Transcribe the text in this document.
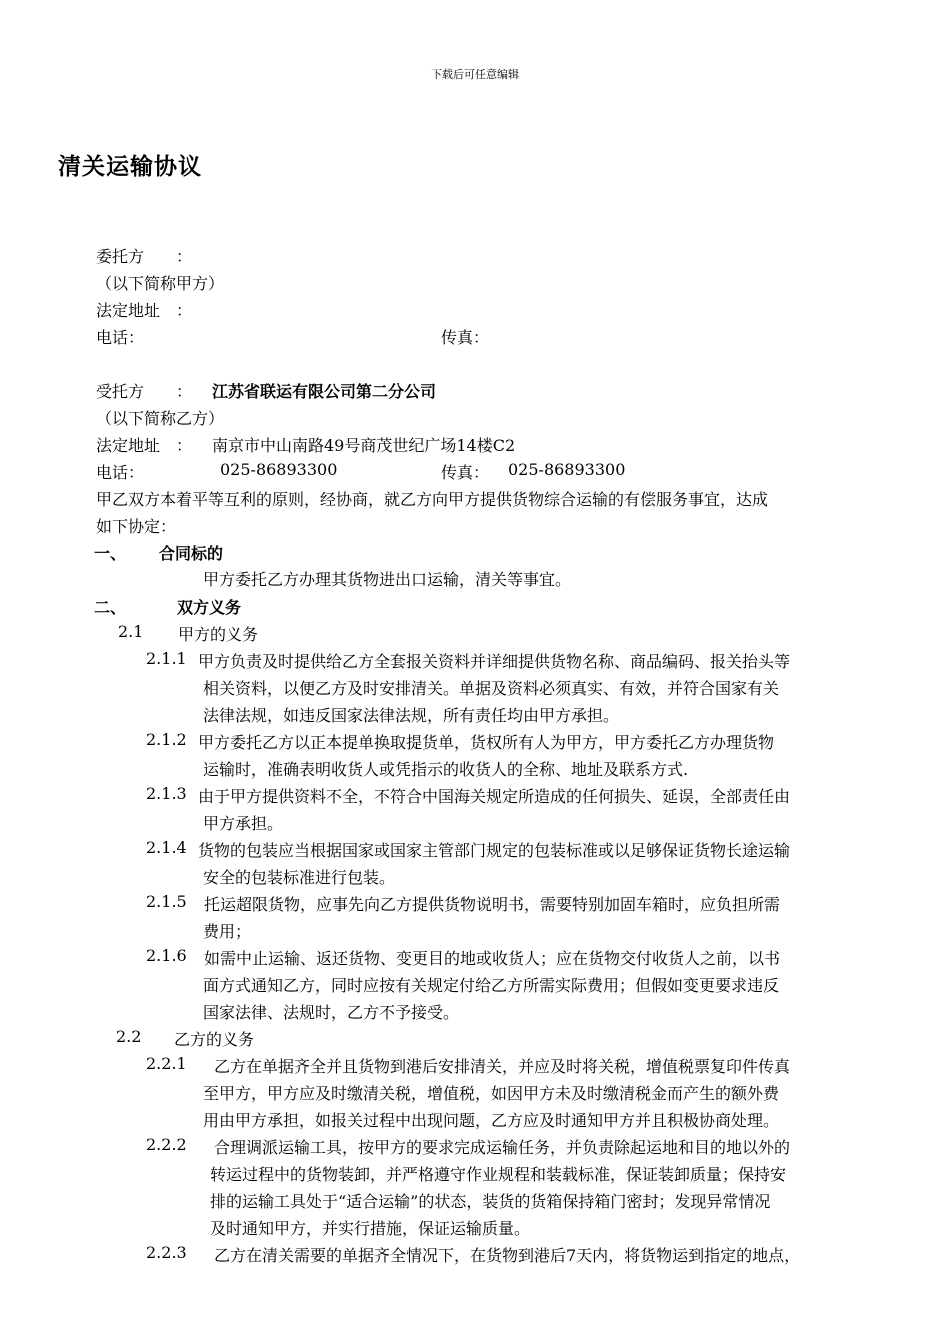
下载后可任意编辑
清关运输协议
委托方　　：
（以下简称甲方）
法定地址　：
电话：	传真：
受托方　　： 江苏省联运有限公司第二分公司
（以下简称乙方）
法定地址　： 南京市中山南路49号商茂世纪广场14楼C2
电话：	025-86893300	传真： 025-86893300
甲乙双方本着平等互利的原则，经协商，就乙方向甲方提供货物综合运输的有偿服务事宜，达成
如下协定：
一、 合同标的
甲方委托乙方办理其货物进出口运输，清关等事宜。
二、	双方义务
2.1 甲方的义务
2.1.1 甲方负责及时提供给乙方全套报关资料并详细提供货物名称、商品编码、报关抬头等
相关资料，以便乙方及时安排清关。单据及资料必须真实、有效，并符合国家有关
法律法规，如违反国家法律法规，所有责任均由甲方承担。
2.1.2 甲方委托乙方以正本提单换取提货单，货权所有人为甲方，甲方委托乙方办理货物
运输时，准确表明收货人或凭指示的收货人的全称、地址及联系方式.
2.1.3 由于甲方提供资料不全，不符合中国海关规定所造成的任何损失、延误，全部责任由
甲方承担。
2.1.4 货物的包装应当根据国家或国家主管部门规定的包装标准或以足够保证货物长途运输
安全的包装标准进行包装。
2.1.5 托运超限货物，应事先向乙方提供货物说明书，需要特别加固车箱时，应负担所需
费用；
2.1.6 如需中止运输、返还货物、变更目的地或收货人；应在货物交付收货人之前，以书
面方式通知乙方，同时应按有关规定付给乙方所需实际费用；但假如变更要求违反
国家法律、法规时，乙方不予接受。
2.2 乙方的义务
2.2.1 乙方在单据齐全并且货物到港后安排清关，并应及时将关税，增值税票复印件传真
至甲方，甲方应及时缴清关税，增值税，如因甲方未及时缴清税金而产生的额外费
用由甲方承担，如报关过程中出现问题，乙方应及时通知甲方并且积极协商处理。
2.2.2 合理调派运输工具，按甲方的要求完成运输任务，并负责除起运地和目的地以外的
转运过程中的货物装卸，并严格遵守作业规程和装载标准，保证装卸质量；保持安
排的运输工具处于“适合运输”的状态，装货的货箱保持箱门密封；发现异常情况
及时通知甲方，并实行措施，保证运输质量。
2.2.3 乙方在清关需要的单据齐全情况下，在货物到港后7天内，将货物运到指定的地点，
